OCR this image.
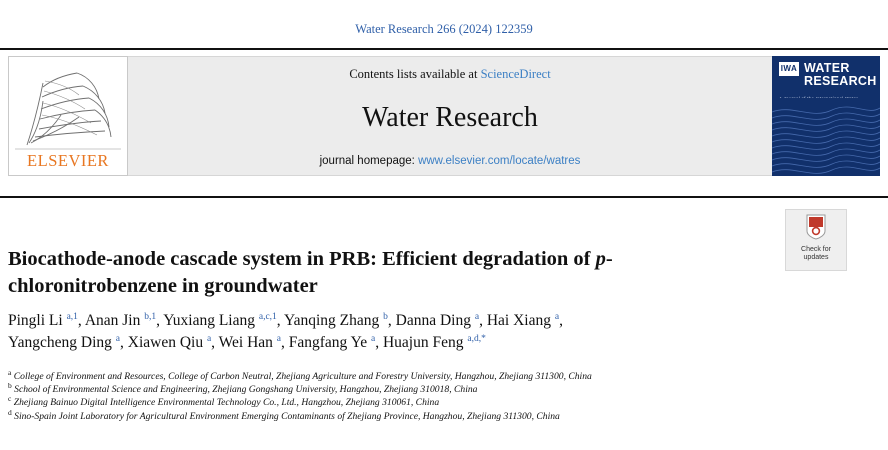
Water Research 266 (2024) 122359
ELSEVIER
Contents lists available at ScienceDirect
Water Research
journal homepage: www.elsevier.com/locate/watres
IWA WATER
RESEARCH
Check for
updates
Biocathode-anode cascade system in PRB: Efficient degradation of p-chloronitrobenzene in groundwater
Pingli Li $^{a,1}$, Anan Jin $^{b,1}$, Yuxiang Liang $^{a,c,1}$, Yanqing Zhang $^b$, Danna Ding $^a$, Hai Xiang $^a$,
Yangcheng Ding $^a$, Xiawen Qiu $^a$, Wei Han $^a$, Fangfang Ye $^a$, Huajun Feng $^{a,d,*}$
$^a$ College of Environment and Resources, College of Carbon Neutral, Zhejiang Agriculture and Forestry University, Hangzhou, Zhejiang 311300, China
$^b$ School of Environmental Science and Engineering, Zhejiang Gongshang University, Hangzhou, Zhejiang 310018, China
$^c$ Zhejiang Bainuo Digital Intelligence Environmental Technology Co., Ltd., Hangzhou, Zhejiang 310061, China
$^d$ Sino-Spain Joint Laboratory for Agricultural Environment Emerging Contaminants of Zhejiang Province, Hangzhou, Zhejiang 311300, China
